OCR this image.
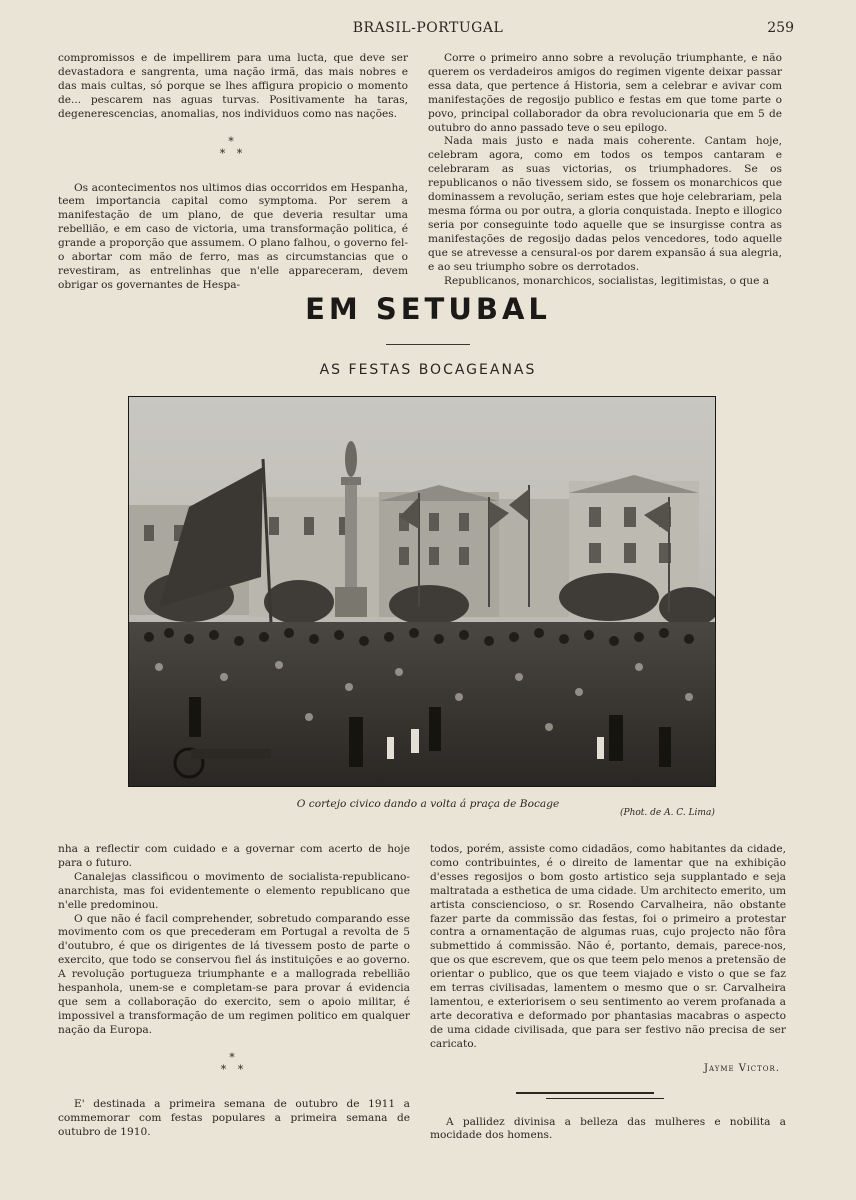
BRASIL-PORTUGAL	259

compromissos e de impellirem para uma lucta, que deve ser devastadora e sangrenta, uma nação irmã, das mais nobres e das mais cultas, só porque se lhes affigura propicio o momento de... pescarem nas aguas turvas. Positivamente ha taras, degenerescencias, anomalias, nos individuos como nas nações.

*
* *

Os acontecimentos nos ultimos dias occorridos em Hespanha, teem importancia capital como symptoma. Por serem a manifestação de um plano, de que deveria resultar uma rebellião, e em caso de victoria, uma transformação politica, é grande a proporção que assumem. O plano falhou, o governo fel-o abortar com mão de ferro, mas as circumstancias que o revestiram, as entrelinhas que n'elle appareceram, devem obrigar os governantes de Hespa-

Corre o primeiro anno sobre a revolução triumphante, e não querem os verdadeiros amigos do regimen vigente deixar passar essa data, que pertence á Historia, sem a celebrar e avivar com manifestações de regosijo publico e festas em que tome parte o povo, principal collaborador da obra revolucionaria que em 5 de outubro do anno passado teve o seu epilogo.

Nada mais justo e nada mais coherente. Cantam hoje, celebram agora, como em todos os tempos cantaram e celebraram as suas victorias, os triumphadores. Se os republicanos o não tivessem sido, se fossem os monarchicos que dominassem a revolução, seriam estes que hoje celebrariam, pela mesma fórma ou por outra, a gloria conquistada. Inepto e illogico seria por conseguinte todo aquelle que se insurgisse contra as manifestações de regosijo dadas pelos vencedores, todo aquelle que se atrevesse a censural-os por darem expansão á sua alegria, e ao seu triumpho sobre os derrotados.

Republicanos, monarchicos, socialistas, legitimistas, o que a

EM SETUBAL
AS FESTAS BOCAGEANAS
O cortejo civico dando a volta á praça de Bocage
(Phot. de A. C. Lima)

nha a reflectir com cuidado e a governar com acerto de hoje para o futuro.

Canalejas classificou o movimento de socialista-republicano-anarchista, mas foi evidentemente o elemento republicano que n'elle predominou.

O que não é facil comprehender, sobretudo comparando esse movimento com os que precederam em Portugal a revolta de 5 d'outubro, é que os dirigentes de lá tivessem posto de parte o exercito, que todo se conservou fiel ás instituições e ao governo. A revolução portugueza triumphante e a mallograda rebellião hespanhola, unem-se e completam-se para provar á evidencia que sem a collaboração do exercito, sem o apoio militar, é impossivel a transformação de um regimen politico em qualquer nação da Europa.

*
* *

E' destinada a primeira semana de outubro de 1911 a commemorar com festas populares a primeira semana de outubro de 1910.

todos, porém, assiste como cidadãos, como habitantes da cidade, como contribuintes, é o direito de lamentar que na exhibição d'esses regosijos o bom gosto artistico seja supplantado e seja maltratada a esthetica de uma cidade. Um architecto emerito, um artista consciencioso, o sr. Rosendo Carvalheira, não obstante fazer parte da commissão das festas, foi o primeiro a protestar contra a ornamentação de algumas ruas, cujo projecto não fôra submettido á commissão. Não é, portanto, demais, parece-nos, que os que escrevem, que os que teem pelo menos a pretensão de orientar o publico, que os que teem viajado e visto o que se faz em terras civilisadas, lamentem o mesmo que o sr. Carvalheira lamentou, e exteriorisem o seu sentimento ao verem profanada a arte decorativa e deformado por phantasias macabras o aspecto de uma cidade civilisada, que para ser festivo não precisa de ser caricato.

Jayme Victor.

A pallidez divinisa a belleza das mulheres e nobilita a mocidade dos homens.
